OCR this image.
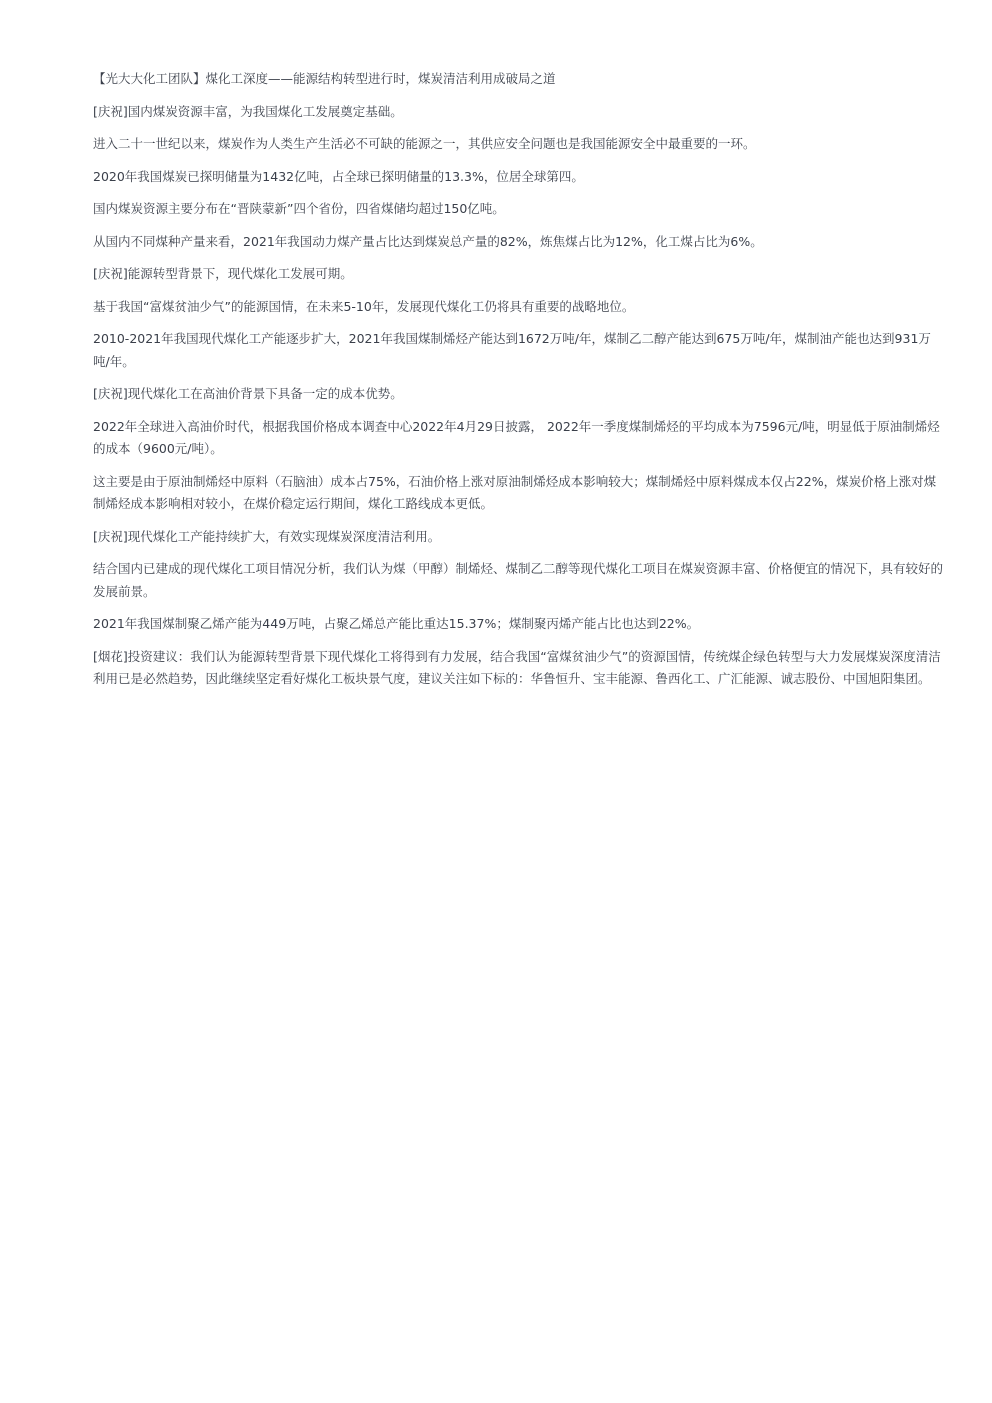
【光大大化工团队】煤化工深度——能源结构转型进行时，煤炭清洁利用成破局之道

[庆祝]国内煤炭资源丰富，为我国煤化工发展奠定基础。

进入二十一世纪以来，煤炭作为人类生产生活必不可缺的能源之一，其供应安全问题也是我国能源安全中最重要的一环。

2020年我国煤炭已探明储量为1432亿吨，占全球已探明储量的13.3%，位居全球第四。

国内煤炭资源主要分布在“晋陕蒙新”四个省份，四省煤储均超过150亿吨。

从国内不同煤种产量来看，2021年我国动力煤产量占比达到煤炭总产量的82%，炼焦煤占比为12%，化工煤占比为6%。

[庆祝]能源转型背景下，现代煤化工发展可期。

基于我国“富煤贫油少气”的能源国情，在未来5-10年，发展现代煤化工仍将具有重要的战略地位。

2010-2021年我国现代煤化工产能逐步扩大，2021年我国煤制烯烃产能达到1672万吨/年，煤制乙二醇产能达到675万吨/年，煤制油产能也达到931万吨/年。

[庆祝]现代煤化工在高油价背景下具备一定的成本优势。

2022年全球进入高油价时代，根据我国价格成本调查中心2022年4月29日披露， 2022年一季度煤制烯烃的平均成本为7596元/吨，明显低于原油制烯烃的成本（9600元/吨）。

这主要是由于原油制烯烃中原料（石脑油）成本占75%，石油价格上涨对原油制烯烃成本影响较大；煤制烯烃中原料煤成本仅占22%，煤炭价格上涨对煤制烯烃成本影响相对较小，在煤价稳定运行期间，煤化工路线成本更低。

[庆祝]现代煤化工产能持续扩大，有效实现煤炭深度清洁利用。

结合国内已建成的现代煤化工项目情况分析，我们认为煤（甲醇）制烯烃、煤制乙二醇等现代煤化工项目在煤炭资源丰富、价格便宜的情况下，具有较好的发展前景。

2021年我国煤制聚乙烯产能为449万吨，占聚乙烯总产能比重达15.37%；煤制聚丙烯产能占比也达到22%。

[烟花]投资建议：我们认为能源转型背景下现代煤化工将得到有力发展，结合我国“富煤贫油少气”的资源国情，传统煤企绿色转型与大力发展煤炭深度清洁利用已是必然趋势，因此继续坚定看好煤化工板块景气度，建议关注如下标的：华鲁恒升、宝丰能源、鲁西化工、广汇能源、诚志股份、中国旭阳集团。
